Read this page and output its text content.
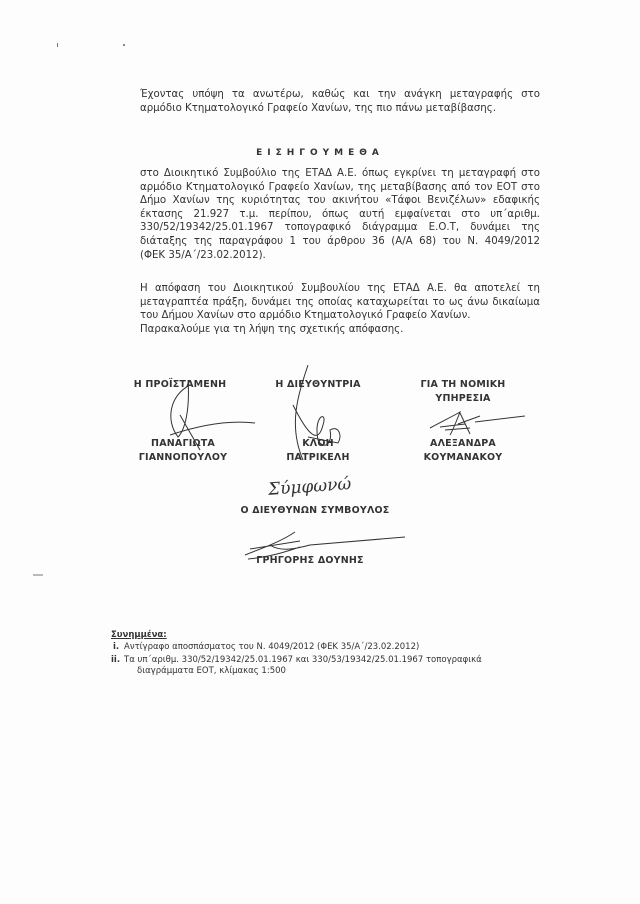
Έχοντας υπόψη τα ανωτέρω, καθώς και την ανάγκη μεταγραφής στο
αρμόδιο Κτηματολογικό Γραφείο Χανίων, της πιο πάνω μεταβίβασης.
ΕΙΣΗΓΟΥΜΕΘΑ
στο Διοικητικό Συμβούλιο της ΕΤΑΔ Α.Ε. όπως εγκρίνει τη μεταγραφή στο
αρμόδιο Κτηματολογικό Γραφείο Χανίων, της μεταβίβασης από τον ΕΟΤ στο
Δήμο Χανίων της κυριότητας του ακινήτου «Τάφοι Βενιζέλων» εδαφικής
έκτασης 21.927 τ.μ. περίπου, όπως αυτή εμφαίνεται στο υπ΄αριθμ.
330/52/19342/25.01.1967 τοπογραφικό διάγραμμα Ε.Ο.Τ, δυνάμει της
διάταξης της παραγράφου 1 του άρθρου 36 (Α/Α 68) του Ν. 4049/2012
(ΦΕΚ 35/Α΄/23.02.2012).
Η απόφαση του Διοικητικού Συμβουλίου της ΕΤΑΔ Α.Ε. θα αποτελεί τη
μεταγραπτέα πράξη, δυνάμει της οποίας καταχωρείται το ως άνω δικαίωμα
του Δήμου Χανίων στο αρμόδιο Κτηματολογικό Γραφείο Χανίων.
Παρακαλούμε για τη λήψη της σχετικής απόφασης.
Η ΠΡΟΪΣΤΑΜΕΝΗ
ΠΑΝΑΓΙΩΤΑ
ΓΙΑΝΝΟΠΟΥΛΟΥ
Η ΔΙΕΥΘΥΝΤΡΙΑ
ΚΛΟΗ
ΠΑΤΡΙΚΕΛΗ
ΓΙΑ ΤΗ ΝΟΜΙΚΗ
ΥΠΗΡΕΣΙΑ
ΑΛΕΞΑΝΔΡΑ
ΚΟΥΜΑΝΑΚΟΥ
Σύμφωνώ
Ο ΔΙΕΥΘΥΝΩΝ ΣΥΜΒΟΥΛΟΣ
ΓΡΗΓΟΡΗΣ ΔΟΥΝΗΣ
Συνημμένα:
i. Αντίγραφο αποσπάσματος του Ν. 4049/2012 (ΦΕΚ 35/Α΄/23.02.2012)
ii. Τα υπ΄αριθμ. 330/52/19342/25.01.1967 και 330/53/19342/25.01.1967 τοπογραφικά
διαγράμματα ΕΟΤ, κλίμακας 1:500
